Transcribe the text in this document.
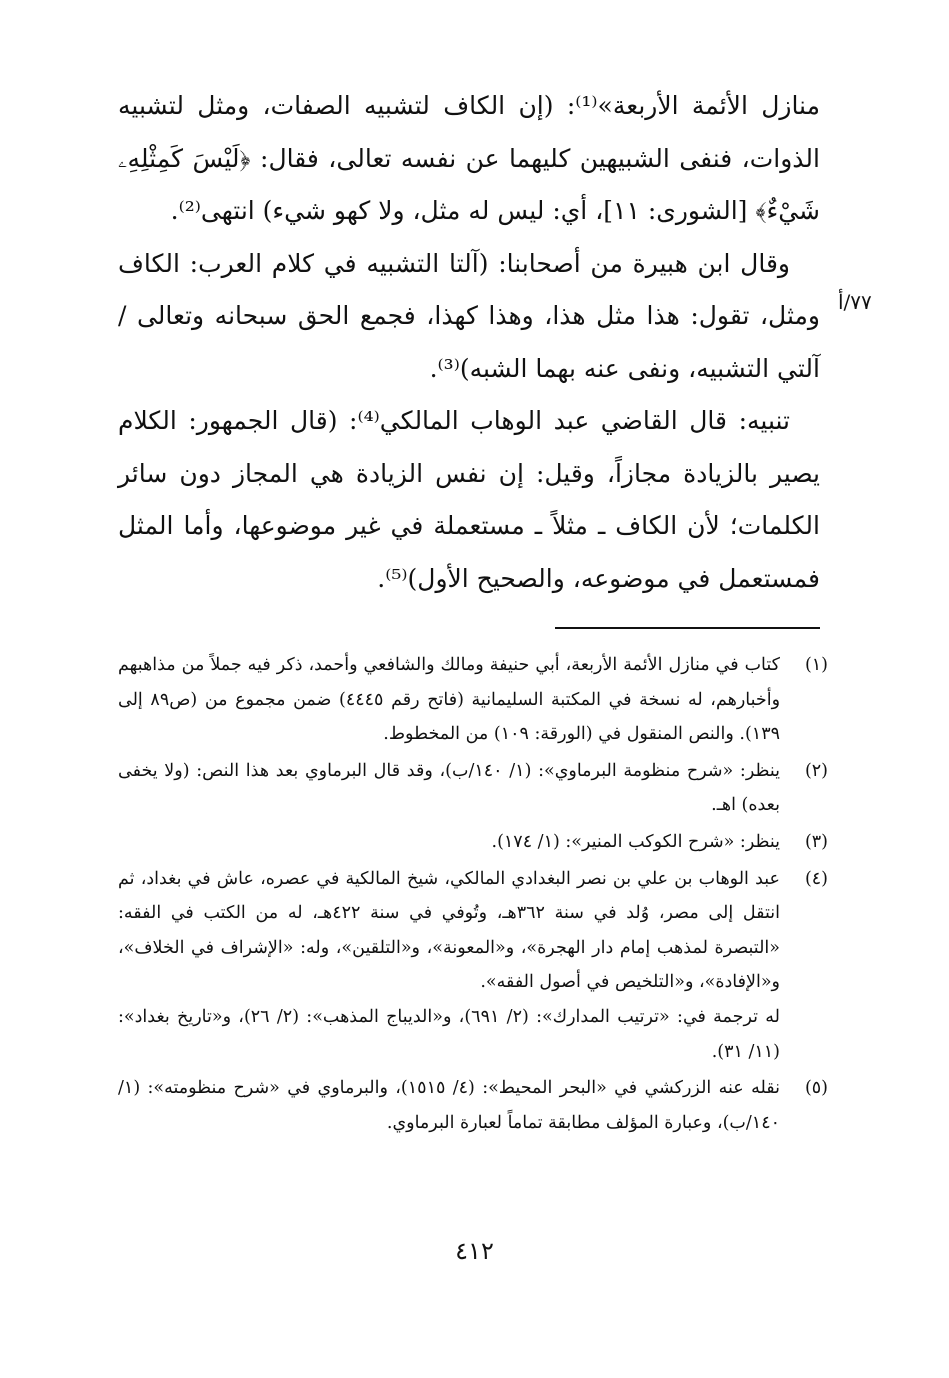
منازل الأئمة الأربعة»⁽¹⁾: (إن الكاف لتشبيه الصفات، ومثل لتشبيه الذوات، فنفى الشبيهين كليهما عن نفسه تعالى، فقال: ﴿لَيْسَ كَمِثْلِهِۦ شَيْءٌ﴾ [الشورى: ١١]، أي: ليس له مثل، ولا كهو شيء) انتهى⁽²⁾.

وقال ابن هبيرة من أصحابنا: (آلتا التشبيه في كلام العرب: الكاف ومثل، تقول: هذا مثل هذا، وهذا كهذا، فجمع الحق سبحانه وتعالى / آلتي التشبيه، ونفى عنه بهما الشبه)⁽³⁾.

تنبيه: قال القاضي عبد الوهاب المالكي⁽⁴⁾: (قال الجمهور: الكلام يصير بالزيادة مجازاً، وقيل: إن نفس الزيادة هي المجاز دون سائر الكلمات؛ لأن الكاف ـ مثلاً ـ مستعملة في غير موضوعها، وأما المثل فمستعمل في موضوعه، والصحيح الأول)⁽⁵⁾.

٧٧/أ
(١)

كتاب في منازل الأئمة الأربعة، أبي حنيفة ومالك والشافعي وأحمد، ذكر فيه جملاً من مذاهبهم وأخبارهم، له نسخة في المكتبة السليمانية (فاتح رقم ٤٤٤٥) ضمن مجموع من (ص٨٩ إلى ١٣٩). والنص المنقول في (الورقة: ١٠٩) من المخطوط.

(٢)

ينظر: «شرح منظومة البرماوي»: (١/ ١٤٠/ب)، وقد قال البرماوي بعد هذا النص: (ولا يخفى بعده) اهـ.

(٣)

ينظر: «شرح الكوكب المنير»: (١/ ١٧٤).

(٤)

عبد الوهاب بن علي بن نصر البغدادي المالكي، شيخ المالكية في عصره، عاش في بغداد، ثم انتقل إلى مصر، وُلد في سنة ٣٦٢هـ، وتُوفي في سنة ٤٢٢هـ، له من الكتب في الفقه: «التبصرة لمذهب إمام دار الهجرة»، و«المعونة»، و«التلقين»، وله: «الإشراف في الخلاف»، و«الإفادة»، و«التلخيص في أصول الفقه».

له ترجمة في: «ترتيب المدارك»: (٢/ ٦٩١)، و«الديباج المذهب»: (٢/ ٢٦)، و«تاريخ بغداد»: (١١/ ٣١).

(٥)

نقله عنه الزركشي في «البحر المحيط»: (٤/ ١٥١٥)، والبرماوي في «شرح منظومته»: (١/ ١٤٠/ب)، وعبارة المؤلف مطابقة تماماً لعبارة البرماوي.

٤١٢
